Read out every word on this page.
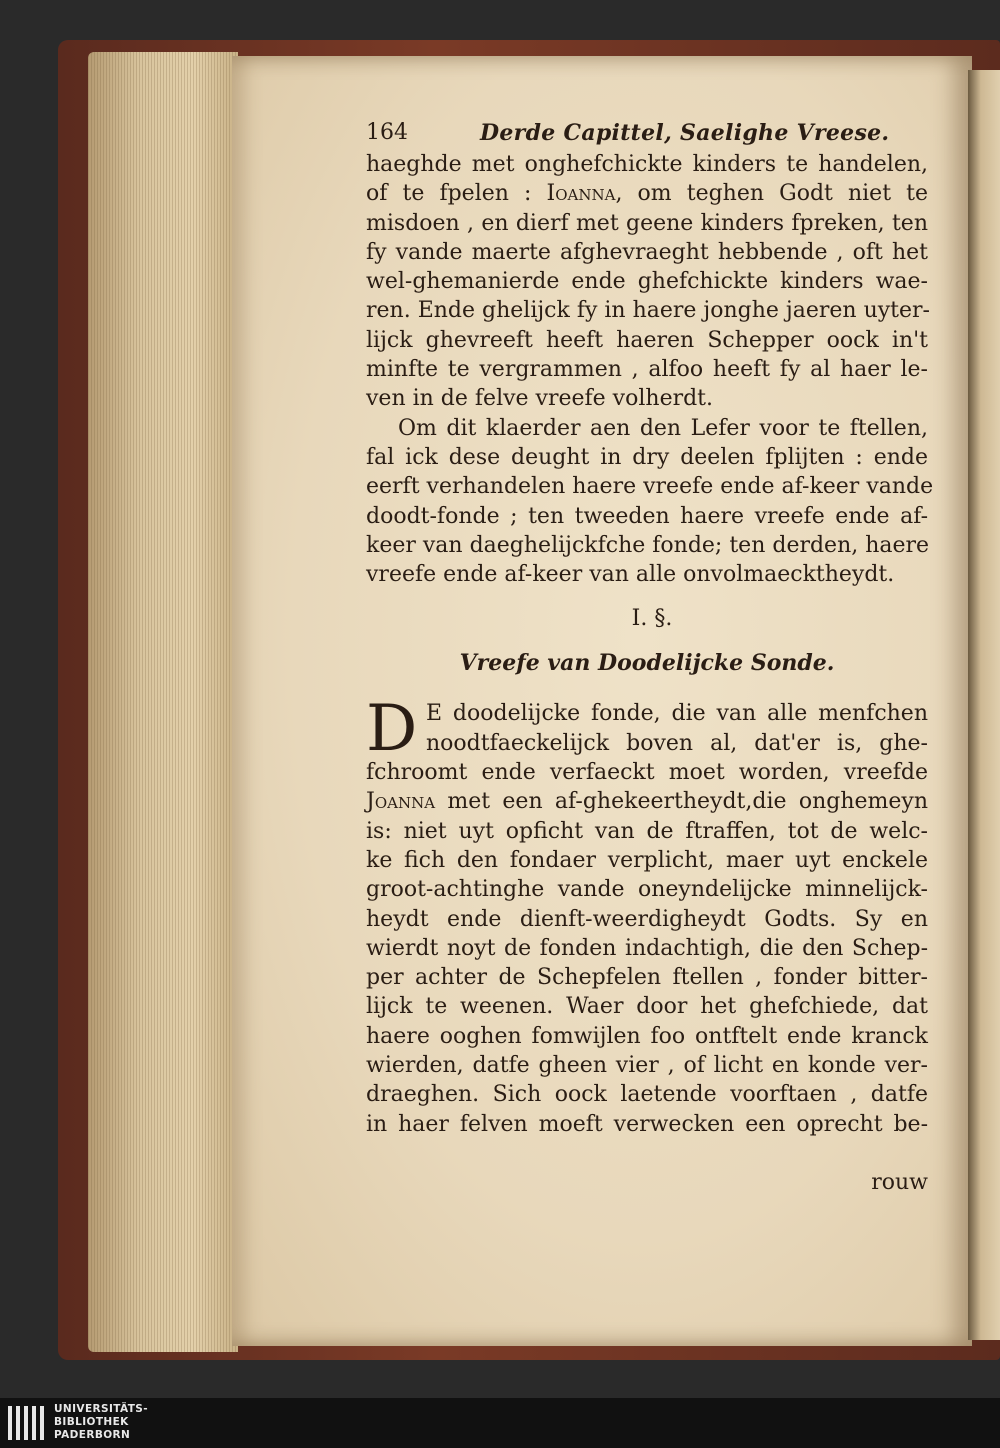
164	Derde Capittel, Saelighe Vreese.
haeghde met onghefchickte kinders te handelen,
of te fpelen : Ioanna, om teghen Godt niet te
misdoen , en dierf met geene kinders fpreken, ten
fy vande maerte afghevraeght hebbende , oft het
wel-ghemanierde ende ghefchickte kinders wae-
ren. Ende ghelijck fy in haere jonghe jaeren uyter-
lijck ghevreeft heeft haeren Schepper oock in't
minfte te vergrammen , alfoo heeft fy al haer le-
ven in de felve vreefe volherdt.
Om dit klaerder aen den Lefer voor te ftellen,
fal ick dese deught in dry deelen fplijten : ende
eerft verhandelen haere vreefe ende af-keer vande
doodt-fonde ; ten tweeden haere vreefe ende af-
keer van daeghelijckfche fonde; ten derden, haere
vreefe ende af-keer van alle onvolmaecktheydt.
I. §.
Vreefe van Doodelijcke Sonde.
D E doodelijcke fonde, die van alle menfchen
noodtfaeckelijck boven al, dat'er is, ghe-
fchroomt ende verfaeckt moet worden, vreefde
Joanna met een af-ghekeertheydt,die onghemeyn
is: niet uyt opficht van de ftraffen, tot de welc-
ke fich den fondaer verplicht, maer uyt enckele
groot-achtinghe vande oneyndelijcke minnelijck-
heydt ende dienft-weerdigheydt Godts. Sy en
wierdt noyt de fonden indachtigh, die den Schep-
per achter de Schepfelen ftellen , fonder bitter-
lijck te weenen. Waer door het ghefchiede, dat
haere ooghen fomwijlen foo ontftelt ende kranck
wierden, datfe gheen vier , of licht en konde ver-
draeghen. Sich oock laetende voorftaen , datfe
in haer felven moeft verwecken een oprecht be-
rouw
UNIVERSITÄTS-
BIBLIOTHEK
PADERBORN
